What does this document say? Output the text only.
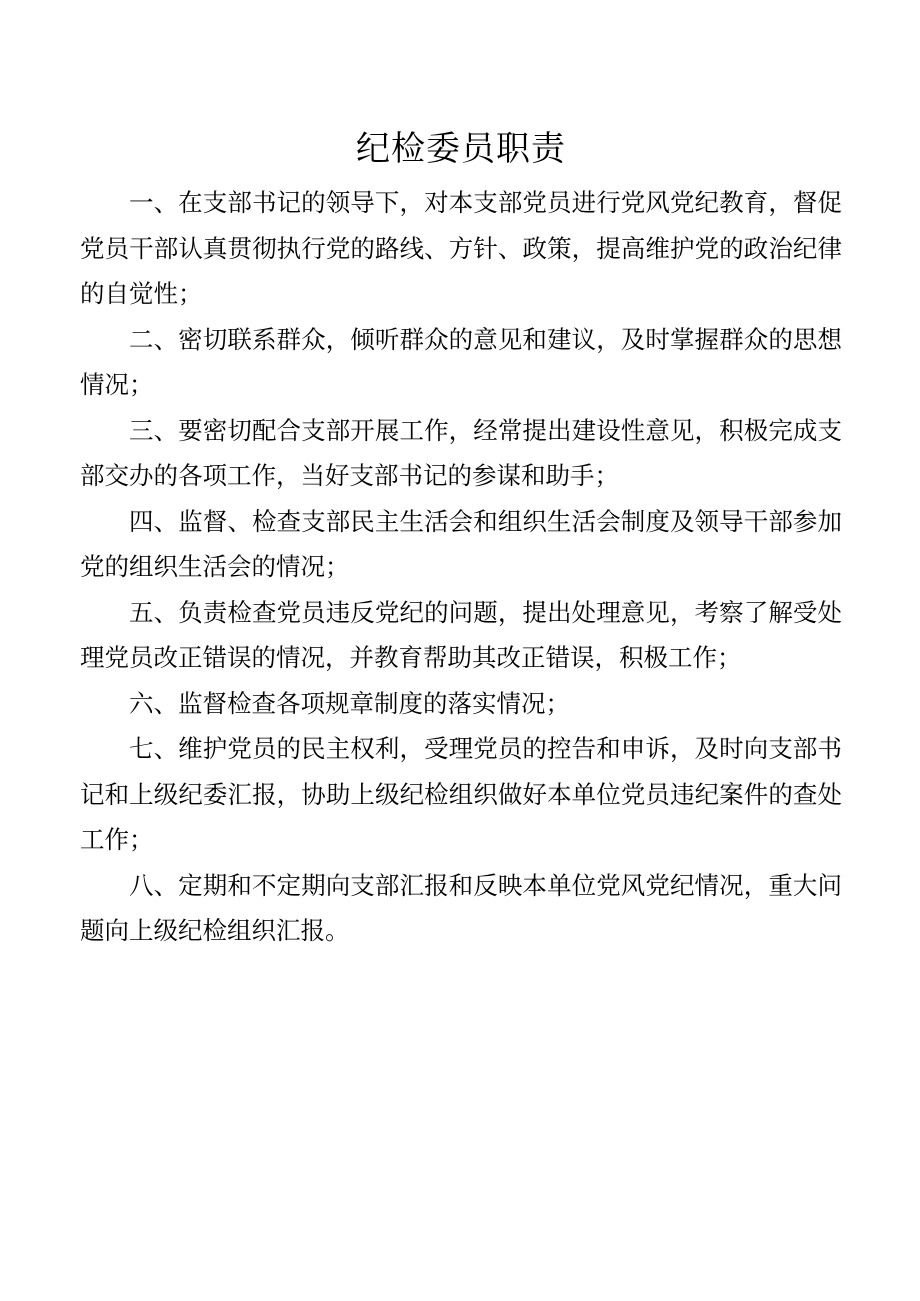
纪检委员职责

一、在支部书记的领导下，对本支部党员进行党风党纪教育，督促党员干部认真贯彻执行党的路线、方针、政策，提高维护党的政治纪律的自觉性；

二、密切联系群众，倾听群众的意见和建议，及时掌握群众的思想情况；

三、要密切配合支部开展工作，经常提出建设性意见，积极完成支部交办的各项工作，当好支部书记的参谋和助手；

四、监督、检查支部民主生活会和组织生活会制度及领导干部参加党的组织生活会的情况；

五、负责检查党员违反党纪的问题，提出处理意见，考察了解受处理党员改正错误的情况，并教育帮助其改正错误，积极工作；

六、监督检查各项规章制度的落实情况；

七、维护党员的民主权利，受理党员的控告和申诉，及时向支部书记和上级纪委汇报，协助上级纪检组织做好本单位党员违纪案件的查处工作；

八、定期和不定期向支部汇报和反映本单位党风党纪情况，重大问题向上级纪检组织汇报。
